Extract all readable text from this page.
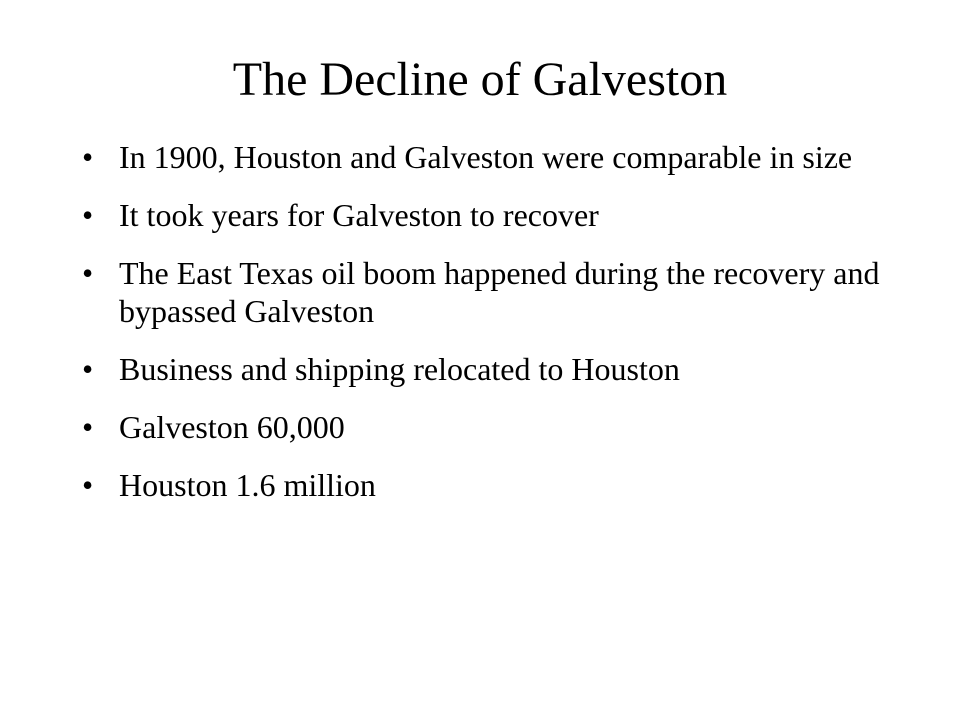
The Decline of Galveston
• In 1900, Houston and Galveston were comparable in size
• It took years for Galveston to recover
• The East Texas oil boom happened during the recovery and bypassed Galveston
• Business and shipping relocated to Houston
• Galveston 60,000
• Houston 1.6 million
